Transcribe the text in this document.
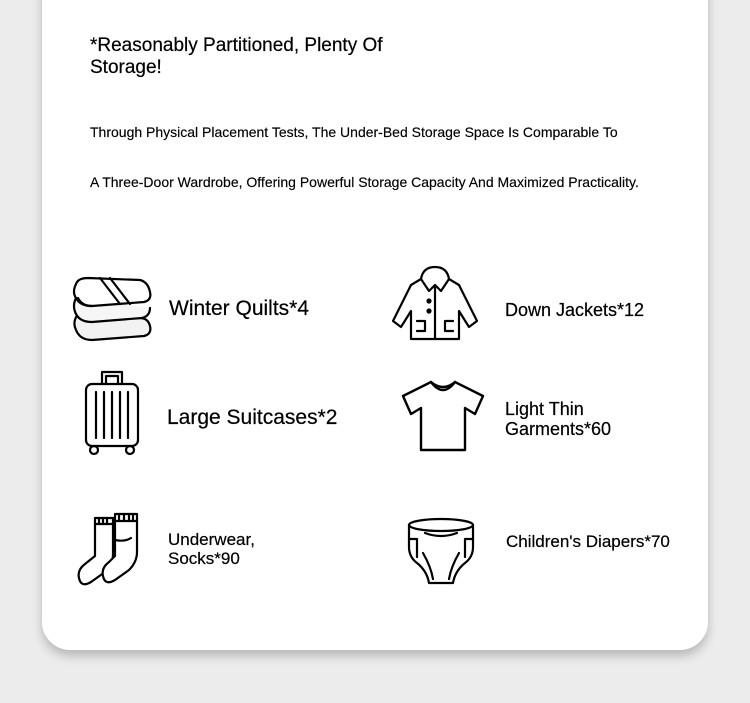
*Reasonably Partitioned, Plenty Of Storage!
Through Physical Placement Tests, The Under-Bed Storage Space Is Comparable To
A Three-Door Wardrobe, Offering Powerful Storage Capacity And Maximized Practicality.
Winter Quilts*4	Down Jackets*12
Large Suitcases*2	Light Thin Garments*60
Underwear, Socks*90
Children's Diapers*70
